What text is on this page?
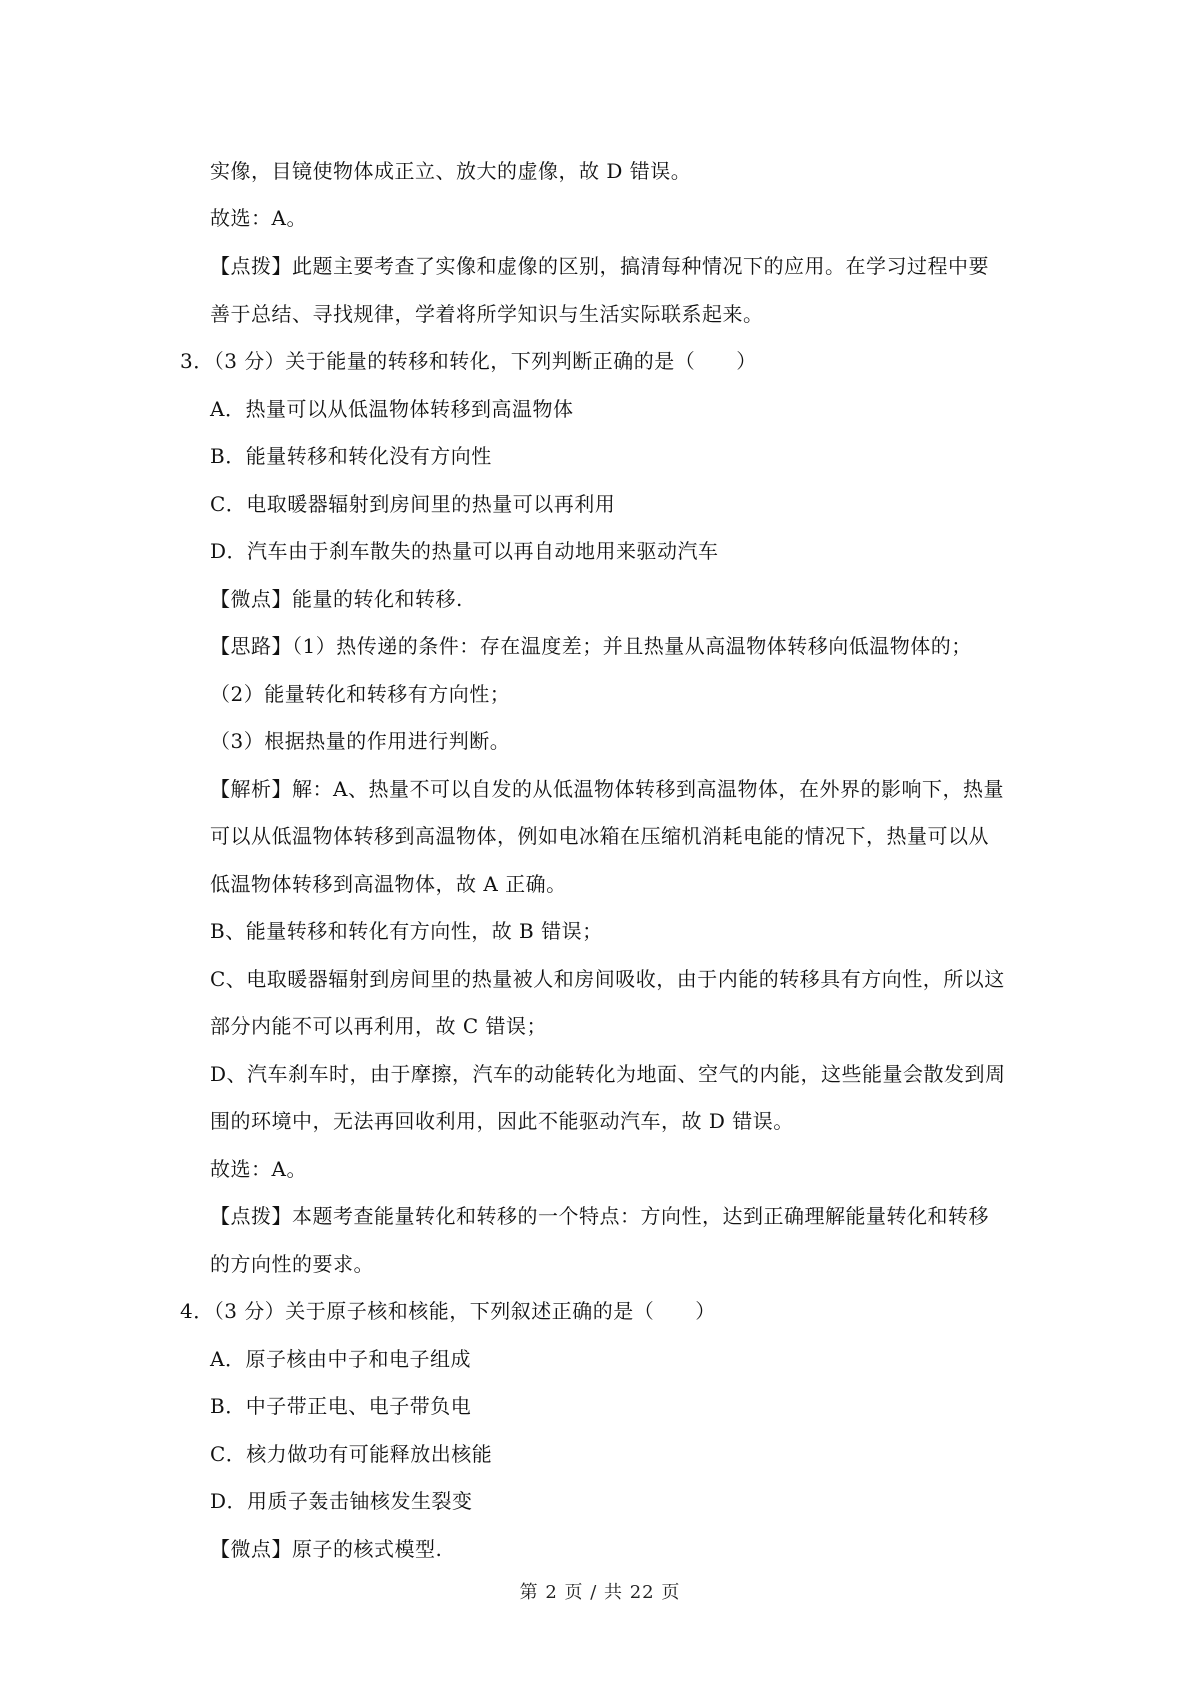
实像，目镜使物体成正立、放大的虚像，故 D 错误。
故选：A。
【点拨】此题主要考查了实像和虚像的区别，搞清每种情况下的应用。在学习过程中要
善于总结、寻找规律，学着将所学知识与生活实际联系起来。
3．（3 分）关于能量的转移和转化，下列判断正确的是（　　）
A．热量可以从低温物体转移到高温物体
B．能量转移和转化没有方向性
C．电取暖器辐射到房间里的热量可以再利用
D．汽车由于刹车散失的热量可以再自动地用来驱动汽车
【微点】能量的转化和转移.
【思路】（1）热传递的条件：存在温度差；并且热量从高温物体转移向低温物体的；
（2）能量转化和转移有方向性；
（3）根据热量的作用进行判断。
【解析】解：A、热量不可以自发的从低温物体转移到高温物体，在外界的影响下，热量
可以从低温物体转移到高温物体，例如电冰箱在压缩机消耗电能的情况下，热量可以从
低温物体转移到高温物体，故 A 正确。
B、能量转移和转化有方向性，故 B 错误；
C、电取暖器辐射到房间里的热量被人和房间吸收，由于内能的转移具有方向性，所以这
部分内能不可以再利用，故 C 错误；
D、汽车刹车时，由于摩擦，汽车的动能转化为地面、空气的内能，这些能量会散发到周
围的环境中，无法再回收利用，因此不能驱动汽车，故 D 错误。
故选：A。
【点拨】本题考查能量转化和转移的一个特点：方向性，达到正确理解能量转化和转移
的方向性的要求。
4．（3 分）关于原子核和核能，下列叙述正确的是（　　）
A．原子核由中子和电子组成
B．中子带正电、电子带负电
C．核力做功有可能释放出核能
D．用质子轰击铀核发生裂变
【微点】原子的核式模型.
第 2 页 / 共 22 页
